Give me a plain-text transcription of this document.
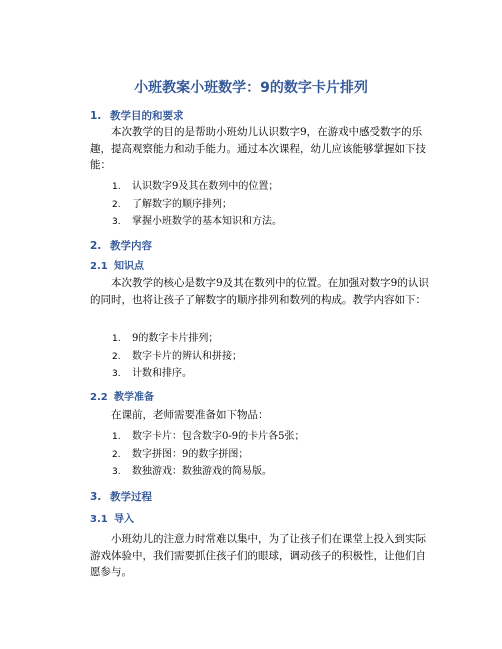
小班教案小班数学：9的数字卡片排列
1. 教学目的和要求

本次教学的目的是帮助小班幼儿认识数字9，在游戏中感受数字的乐趣，提高观察能力和动手能力。通过本次课程，幼儿应该能够掌握如下技能：

1. 认识数字9及其在数列中的位置；
2. 了解数字的顺序排列；
3. 掌握小班数学的基本知识和方法。
2. 教学内容
2.1 知识点

本次教学的核心是数字9及其在数列中的位置。在加强对数字9的认识的同时，也将让孩子了解数字的顺序排列和数列的构成。教学内容如下：

1. 9的数字卡片排列；
2. 数字卡片的辨认和拼接；
3. 计数和排序。
2.2 教学准备

在课前，老师需要准备如下物品：

1. 数字卡片：包含数字0-9的卡片各5张；
2. 数字拼图：9的数字拼图；
3. 数独游戏：数独游戏的简易版。
3. 教学过程
3.1 导入

小班幼儿的注意力时常难以集中，为了让孩子们在课堂上投入到实际游戏体验中，我们需要抓住孩子们的眼球，调动孩子的积极性，让他们自愿参与。
